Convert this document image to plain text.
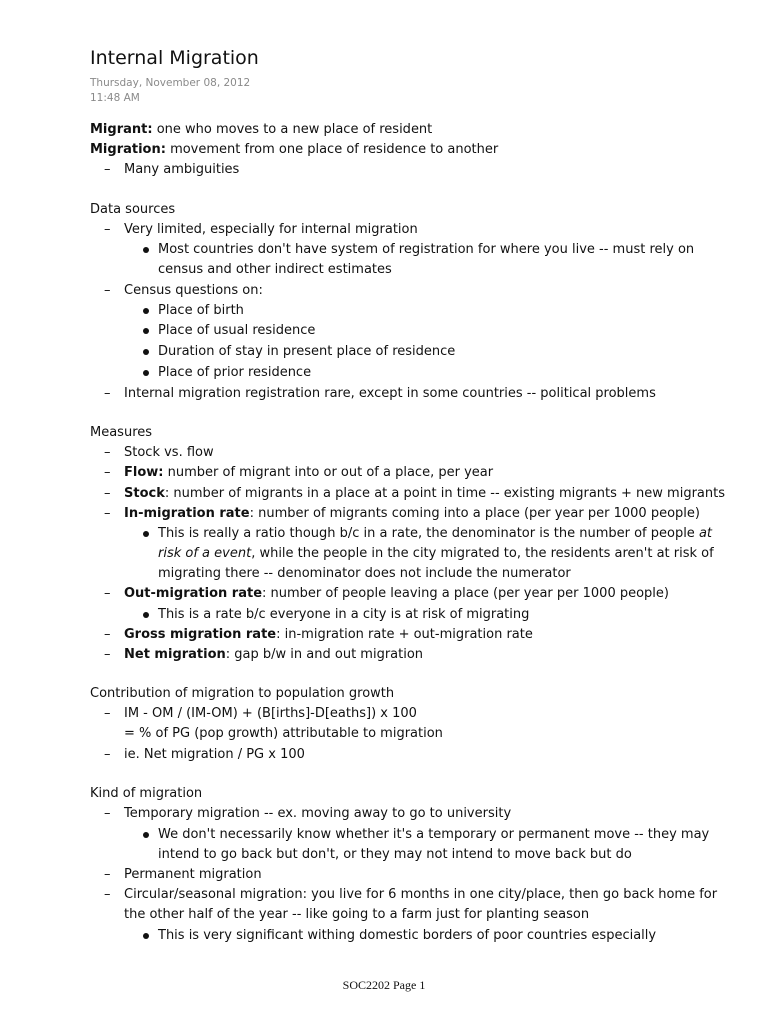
Internal Migration
Thursday, November 08, 2012
11:48 AM
Migrant: one who moves to a new place of resident
Migration: movement from one place of residence to another
– Many ambiguities
Data sources
– Very limited, especially for internal migration
Most countries don't have system of registration for where you live -- must rely on
census and other indirect estimates
– Census questions on:
Place of birth
Place of usual residence
Duration of stay in present place of residence
Place of prior residence
– Internal migration registration rare, except in some countries -- political problems
Measures
– Stock vs. flow
– Flow: number of migrant into or out of a place, per year
– Stock: number of migrants in a place at a point in time -- existing migrants + new migrants
– In-migration rate: number of migrants coming into a place (per year per 1000 people)
This is really a ratio though b/c in a rate, the denominator is the number of people at
risk of a event, while the people in the city migrated to, the residents aren't at risk of
migrating there -- denominator does not include the numerator
– Out-migration rate: number of people leaving a place (per year per 1000 people)
This is a rate b/c everyone in a city is at risk of migrating
– Gross migration rate: in-migration rate + out-migration rate
– Net migration: gap b/w in and out migration
Contribution of migration to population growth
– IM - OM / (IM-OM) + (B[irths]-D[eaths]) x 100
= % of PG (pop growth) attributable to migration
– ie. Net migration / PG x 100
Kind of migration
– Temporary migration -- ex. moving away to go to university
We don't necessarily know whether it's a temporary or permanent move -- they may
intend to go back but don't, or they may not intend to move back but do
– Permanent migration
– Circular/seasonal migration: you live for 6 months in one city/place, then go back home for
the other half of the year -- like going to a farm just for planting season
This is very significant withing domestic borders of poor countries especially
SOC2202 Page 1
